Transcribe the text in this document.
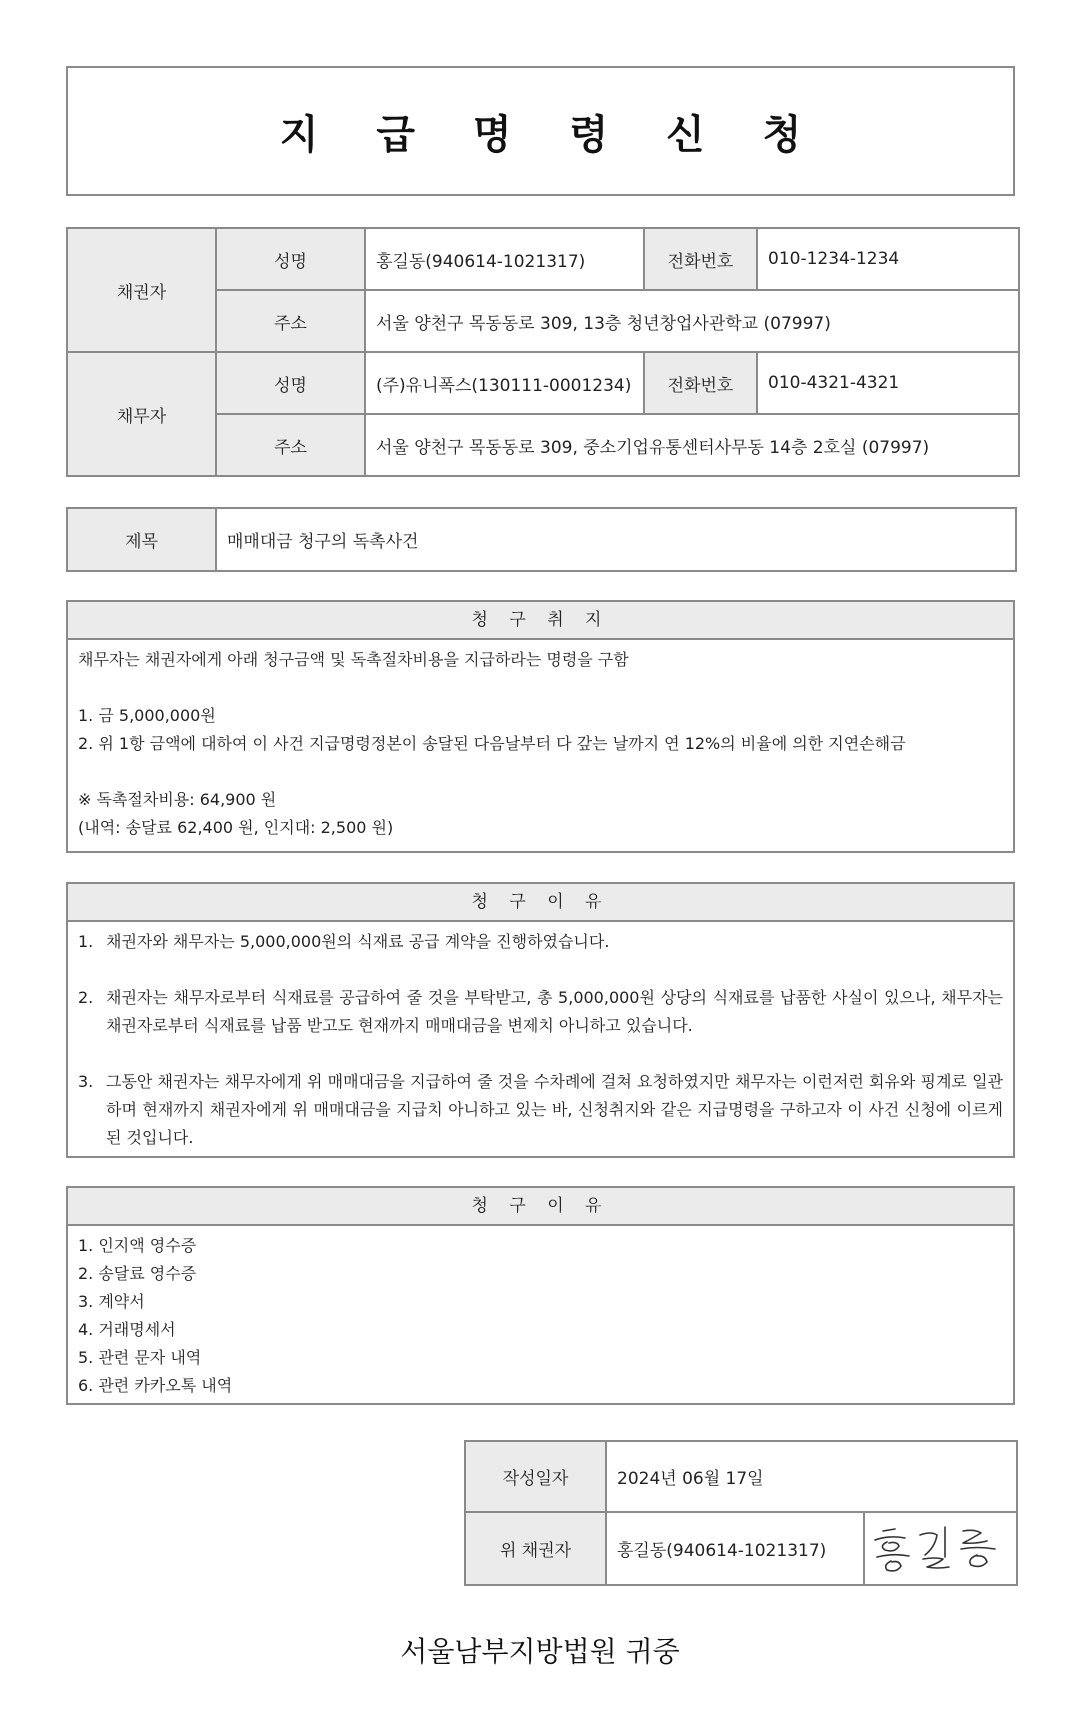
지 급 명 령 신 청
채권자	성명	홍길동(940614-1021317)	전화번호	010-1234-1234
	주소	서울 양천구 목동동로 309, 13층 청년창업사관학교 (07997)		
채무자	성명	(주)유니폭스(130111-0001234)	전화번호	010-4321-4321
	주소	서울 양천구 목동동로 309, 중소기업유통센터사무동 14층 2호실 (07997)		
제목	매매대금 청구의 독촉사건
청 구 취 지
채무자는 채권자에게 아래 청구금액 및 독촉절차비용을 지급하라는 명령을 구함
1. 금 5,000,000원
2. 위 1항 금액에 대하여 이 사건 지급명령정본이 송달된 다음날부터 다 갚는 날까지 연 12%의 비율에 의한 지연손해금
※ 독촉절차비용: 64,900 원
(내역: 송달료 62,400 원, 인지대: 2,500 원)
청 구 이 유
1. 채권자와 채무자는 5,000,000원의 식재료 공급 계약을 진행하였습니다.
2. 채권자는 채무자로부터 식재료를 공급하여 줄 것을 부탁받고, 총 5,000,000원 상당의 식재료를 납품한 사실이 있으나, 채무자는 채권자로부터 식재료를 납품 받고도 현재까지 매매대금을 변제치 아니하고 있습니다.
3. 그동안 채권자는 채무자에게 위 매매대금을 지급하여 줄 것을 수차례에 걸쳐 요청하였지만 채무자는 이런저런 회유와 핑계로 일관하며 현재까지 채권자에게 위 매매대금을 지급치 아니하고 있는 바, 신청취지와 같은 지급명령을 구하고자 이 사건 신청에 이르게 된 것입니다.
청 구 이 유
1. 인지액 영수증
2. 송달료 영수증
3. 계약서
4. 거래명세서
5. 관련 문자 내역
6. 관련 카카오톡 내역
작성일자	2024년 06월 17일	
위 채권자	홍길동(940614-1021317)	
서울남부지방법원 귀중
